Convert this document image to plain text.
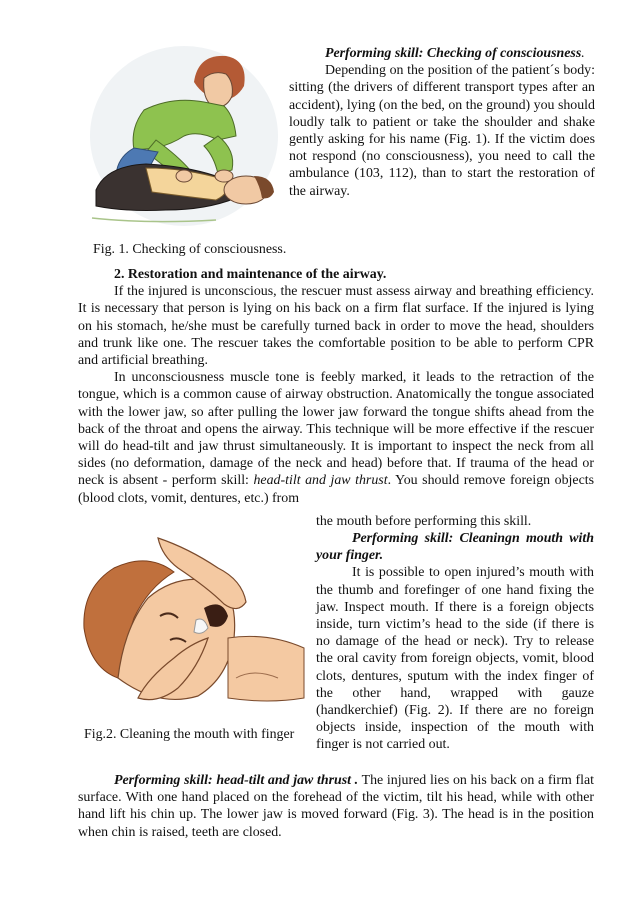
Performing skill: Checking of consciousness.

Depending on the position of the patient´s body: sitting (the drivers of different transport types after an accident), lying (on the bed, on the ground) you should loudly talk to patient or take the shoulder and shake gently asking for his name (Fig. 1). If the victim does not respond (no consciousness), you need to call the ambulance (103, 112), than to start the restoration of the airway.

Fig. 1. Checking of consciousness.

2. Restoration and maintenance of the airway.

If the injured is unconscious, the rescuer must assess airway and breathing efficiency. It is necessary that person is lying on his back on a firm flat surface. If the injured is lying on his stomach, he/she must be carefully turned back in order to move the head, shoulders and trunk like one. The rescuer takes the comfortable position to be able to perform CPR and artificial breathing.

In unconsciousness muscle tone is feebly marked, it leads to the retraction of the tongue, which is a common cause of airway obstruction. Anatomically the tongue associated with the lower jaw, so after pulling the lower jaw forward the tongue shifts ahead from the back of the throat and opens the airway. This technique will be more effective if the rescuer will do head-tilt and jaw thrust simultaneously. It is important to inspect the neck from all sides (no deformation, damage of the neck and head) before that. If trauma of the head or neck is absent - perform skill: head-tilt and jaw thrust. You should remove foreign objects (blood clots, vomit, dentures, etc.) from

the mouth before performing this skill.

Performing skill: Cleaningn mouth with your finger.

It is possible to open injured’s mouth with the thumb and forefinger of one hand fixing the jaw. Inspect mouth. If there is a foreign objects inside, turn victim’s head to the side (if there is no damage of the head or neck). Try to release the oral cavity from foreign objects, vomit, blood clots, dentures, sputum with the index finger of the other hand, wrapped with gauze (handkerchief) (Fig. 2). If there are no foreign objects inside, inspection of the mouth with finger is not carried out.

Fig.2. Cleaning the mouth with finger

Performing skill: head-tilt and jaw thrust . The injured lies on his back on a firm flat surface. With one hand placed on the forehead of the victim, tilt his head, while with other hand lift his chin up. The lower jaw is moved forward (Fig. 3). The head is in the position when chin is raised, teeth are closed.
